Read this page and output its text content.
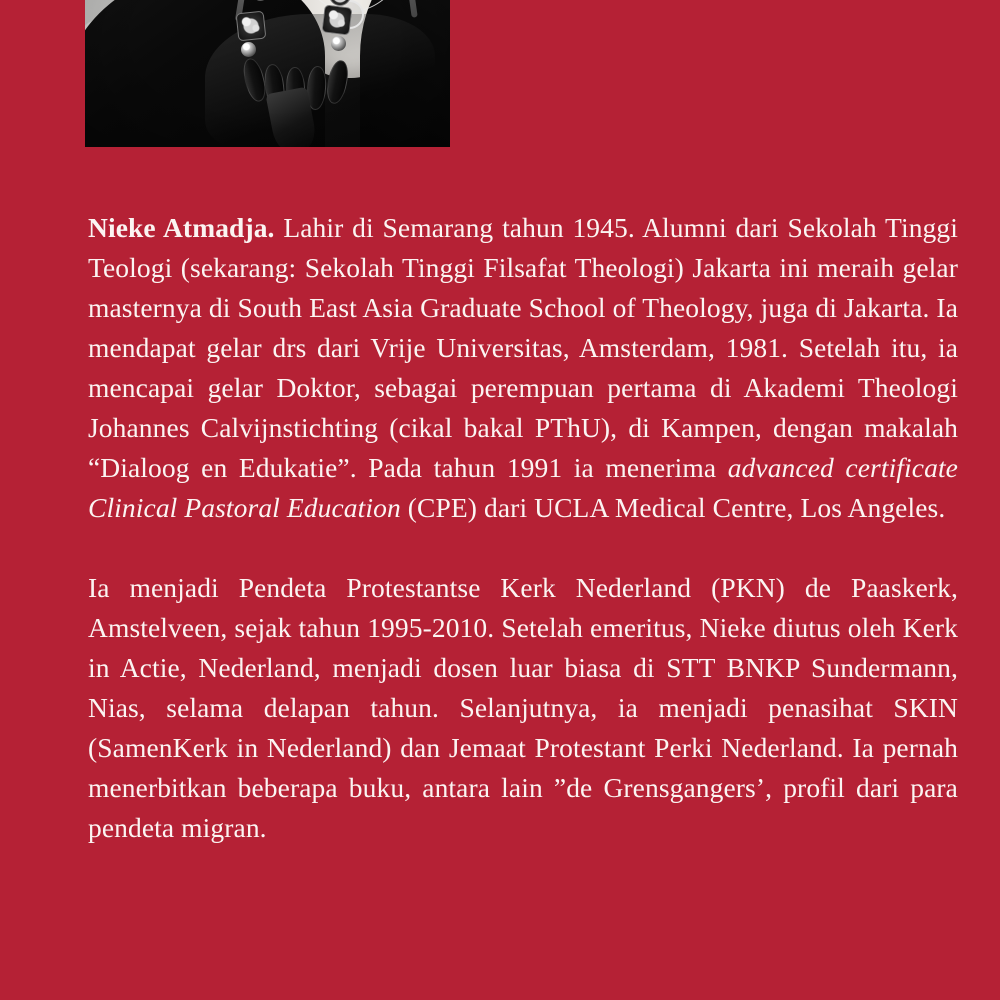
Nieke Atmadja. Lahir di Semarang tahun 1945. Alumni dari Sekolah Tinggi Teologi (sekarang: Sekolah Tinggi Filsafat Theologi) Jakarta ini meraih gelar masternya di South East Asia Graduate School of Theology, juga di Jakarta. Ia mendapat gelar drs dari Vrije Universitas, Amsterdam, 1981. Setelah itu, ia mencapai gelar Doktor, sebagai perempuan pertama di Akademi Theologi Johannes Calvijnstichting (cikal bakal PThU), di Kampen, dengan makalah “Dialoog en Edukatie”. Pada tahun 1991 ia menerima advanced certificate Clinical Pastoral Education (CPE) dari UCLA Medical Centre, Los Angeles.

Ia menjadi Pendeta Protestantse Kerk Nederland (PKN) de Paaskerk, Amstelveen, sejak tahun 1995-2010. Setelah emeritus, Nieke diutus oleh Kerk in Actie, Nederland, menjadi dosen luar biasa di STT BNKP Sundermann, Nias, selama delapan tahun. Selanjutnya, ia menjadi penasihat SKIN (SamenKerk in Nederland) dan Jemaat Protestant Perki Nederland. Ia pernah menerbitkan beberapa buku, antara lain ”de Grensgangers’, profil dari para pendeta migran.
